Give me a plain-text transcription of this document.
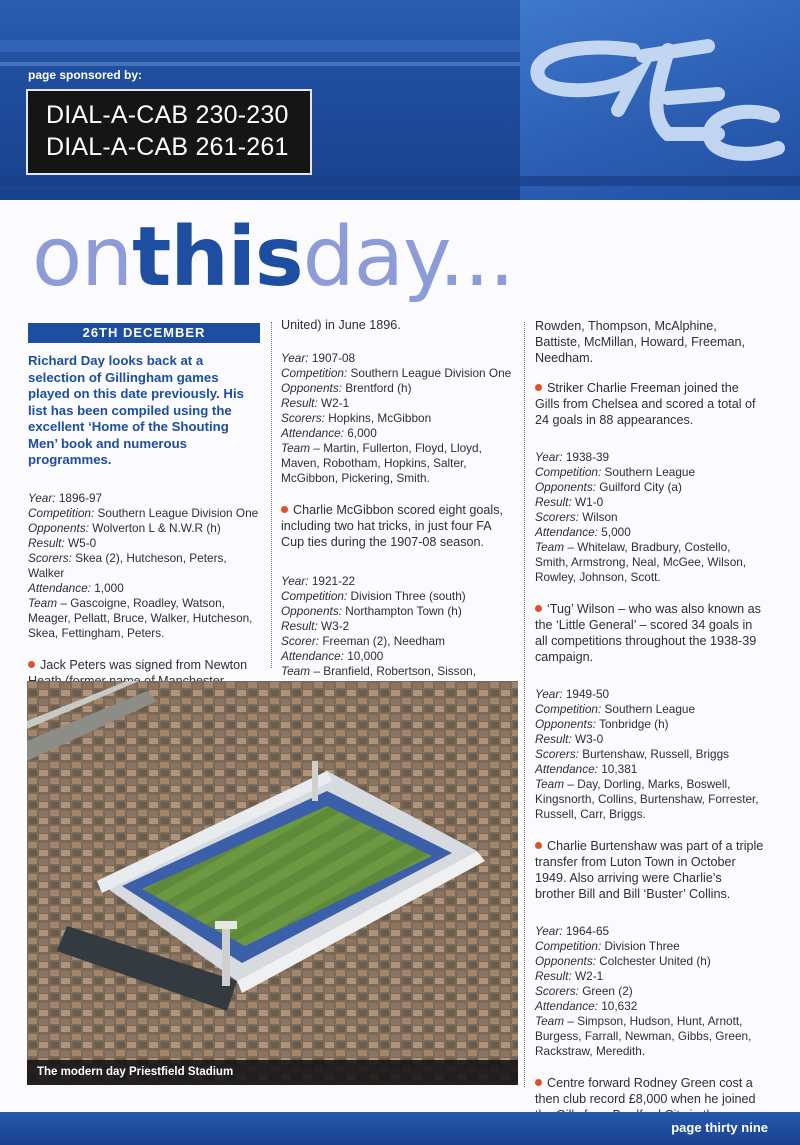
page sponsored by:
DIAL-A-CAB 230-230
DIAL-A-CAB 261-261
onthisday...
26TH DECEMBER
Richard Day looks back at a selection of Gillingham games played on this date previously. His list has been compiled using the excellent ‘Home of the Shouting Men’ book and numerous programmes.
Year: 1896-97
Competition: Southern League Division One
Opponents: Wolverton L & N.W.R (h)
Result: W5-0
Scorers: Skea (2), Hutcheson, Peters, Walker
Attendance: 1,000
Team – Gascoigne, Roadley, Watson, Meager, Pellatt, Bruce, Walker, Hutcheson, Skea, Fettingham, Peters.
Jack Peters was signed from Newton
United) in June 1896.
Year: 1907-08
Competition: Southern League Division One
Opponents: Brentford (h)
Result: W2-1
Scorers: Hopkins, McGibbon
Attendance: 6,000
Team – Martin, Fullerton, Floyd, Lloyd, Maven, Robotham, Hopkins, Salter, McGibbon, Pickering, Smith.
Charlie McGibbon scored eight goals, including two hat tricks, in just four FA Cup ties during the 1907-08 season.
Year: 1921-22
Competition: Division Three (south)
Opponents: Northampton Town (h)
Result: W3-2
Scorer: Freeman (2), Needham
Attendance: 10,000
Team – Branfield, Robertson, Sisson,
Rowden, Thompson, McAlphine, Battiste, McMillan, Howard, Freeman, Needham.
Striker Charlie Freeman joined the Gills from Chelsea and scored a total of 24 goals in 88 appearances.
Year: 1938-39
Competition: Southern League
Opponents: Guilford City (a)
Result: W1-0
Scorers: Wilson
Attendance: 5,000
Team – Whitelaw, Bradbury, Costello, Smith, Armstrong, Neal, McGee, Wilson, Rowley, Johnson, Scott.
‘Tug’ Wilson – who was also known as the ‘Little General’ – scored 34 goals in all competitions throughout the 1938-39 campaign.
Year: 1949-50
Competition: Southern League
Opponents: Tonbridge (h)
Result: W3-0
Scorers: Burtenshaw, Russell, Briggs
Attendance: 10,381
Team – Day, Dorling, Marks, Boswell, Kingsnorth, Collins, Burtenshaw, Forrester, Russell, Carr, Briggs.
Charlie Burtenshaw was part of a triple transfer from Luton Town in October 1949. Also arriving were Charlie’s brother Bill and Bill ‘Buster’ Collins.
Year: 1964-65
Competition: Division Three
Opponents: Colchester United (h)
Result: W2-1
Scorers: Green (2)
Attendance: 10,632
Team – Simpson, Hudson, Hunt, Arnott, Burgess, Farrall, Newman, Gibbs, Green, Rackstraw, Meredith.
Centre forward Rodney Green cost a then club record £8,000 when he joined
The modern day Priestfield Stadium
page thirty nine
